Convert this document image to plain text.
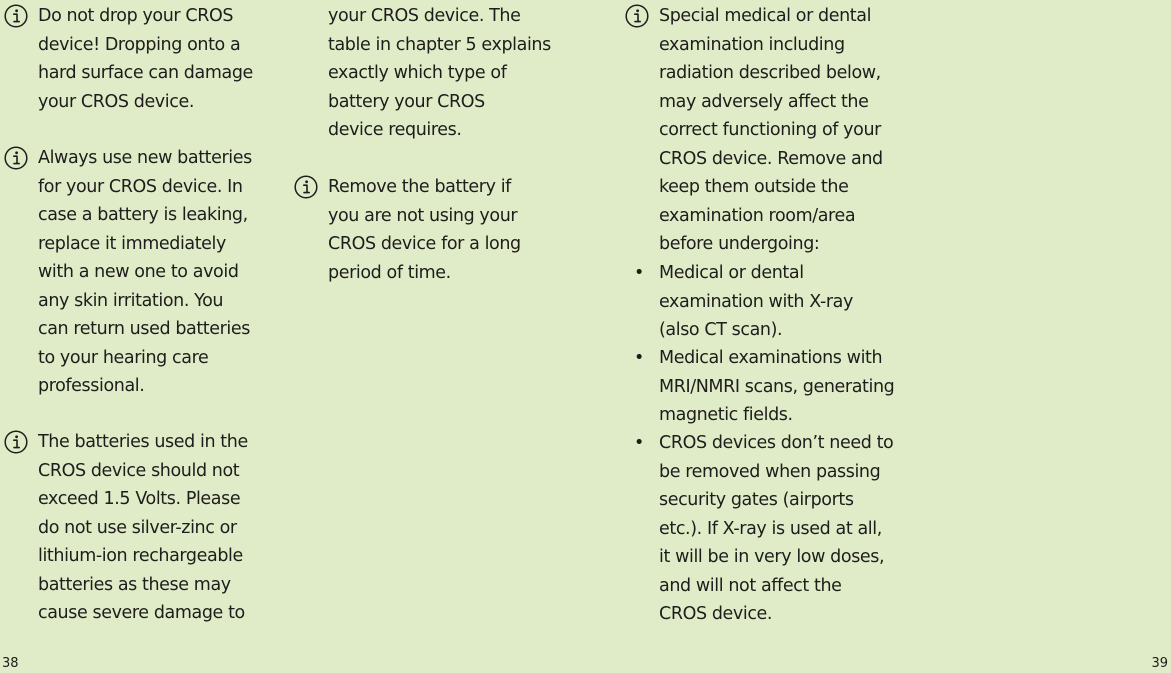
Do not drop your CROS
device! Dropping onto a
hard surface can damage
your CROS device.
Always use new batteries
for your CROS device. In
case a battery is leaking,
replace it immediately
with a new one to avoid
any skin irritation. You
can return used batteries
to your hearing care
professional.
The batteries used in the
CROS device should not
exceed 1.5 Volts. Please
do not use silver-zinc or
lithium-ion rechargeable
batteries as these may
cause severe damage to
your CROS device. The
table in chapter 5 explains
exactly which type of
battery your CROS
device requires.
Remove the battery if
you are not using your
CROS device for a long
period of time.
Special medical or dental
examination including
radiation described below,
may adversely affect the
correct functioning of your
CROS device. Remove and
keep them outside the
examination room/area
before undergoing:
• Medical or dental
examination with X-ray
(also CT scan).
• Medical examinations with
MRI/NMRI scans, generating
magnetic fields.
• CROS devices don’t need to
be removed when passing
security gates (airports
etc.). If X-ray is used at all,
it will be in very low doses,
and will not affect the
CROS device.
38	39
